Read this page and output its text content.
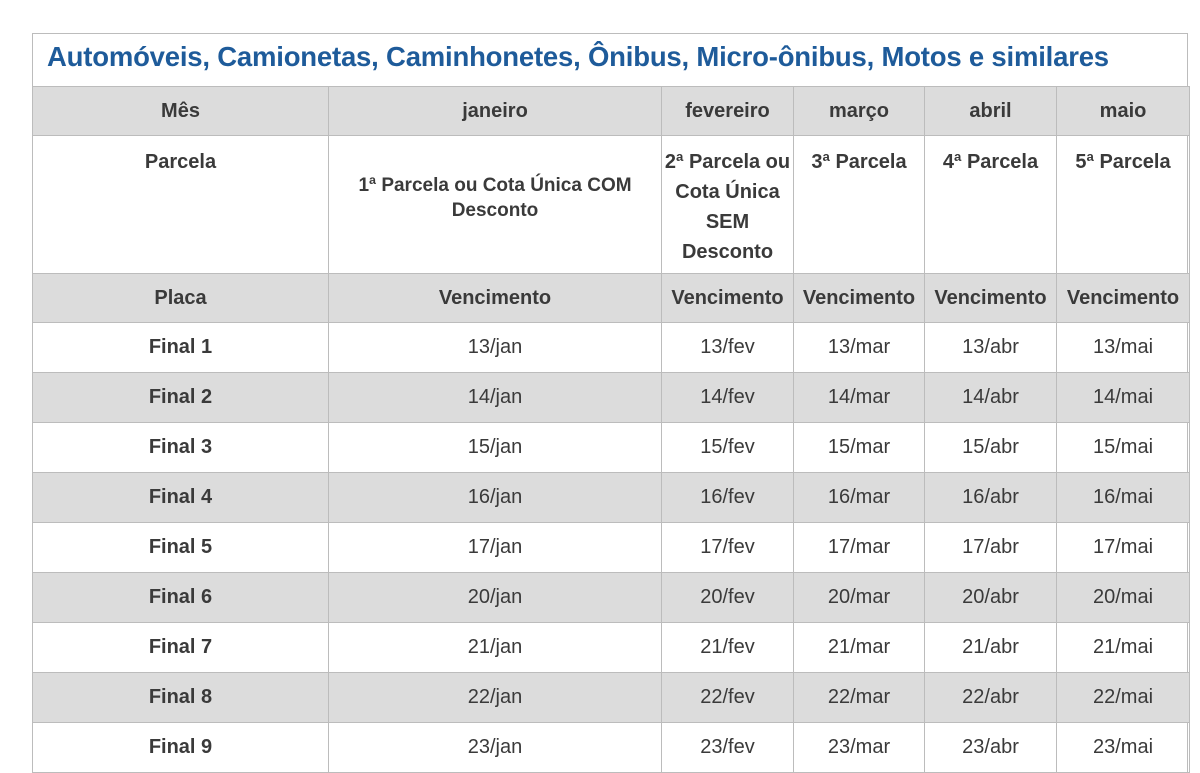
Automóveis, Camionetas, Caminhonetes, Ônibus, Micro-ônibus, Motos e similares
Mês	janeiro	fevereiro	março	abril	maio
Parcela	1ª Parcela ou Cota Única COM Desconto	2ª Parcela ou Cota Única SEM Desconto	3ª Parcela	4ª Parcela	5ª Parcela
Placa	Vencimento	Vencimento	Vencimento	Vencimento	Vencimento
Final 1	13/jan	13/fev	13/mar	13/abr	13/mai
Final 2	14/jan	14/fev	14/mar	14/abr	14/mai
Final 3	15/jan	15/fev	15/mar	15/abr	15/mai
Final 4	16/jan	16/fev	16/mar	16/abr	16/mai
Final 5	17/jan	17/fev	17/mar	17/abr	17/mai
Final 6	20/jan	20/fev	20/mar	20/abr	20/mai
Final 7	21/jan	21/fev	21/mar	21/abr	21/mai
Final 8	22/jan	22/fev	22/mar	22/abr	22/mai
Final 9	23/jan	23/fev	23/mar	23/abr	23/mai
